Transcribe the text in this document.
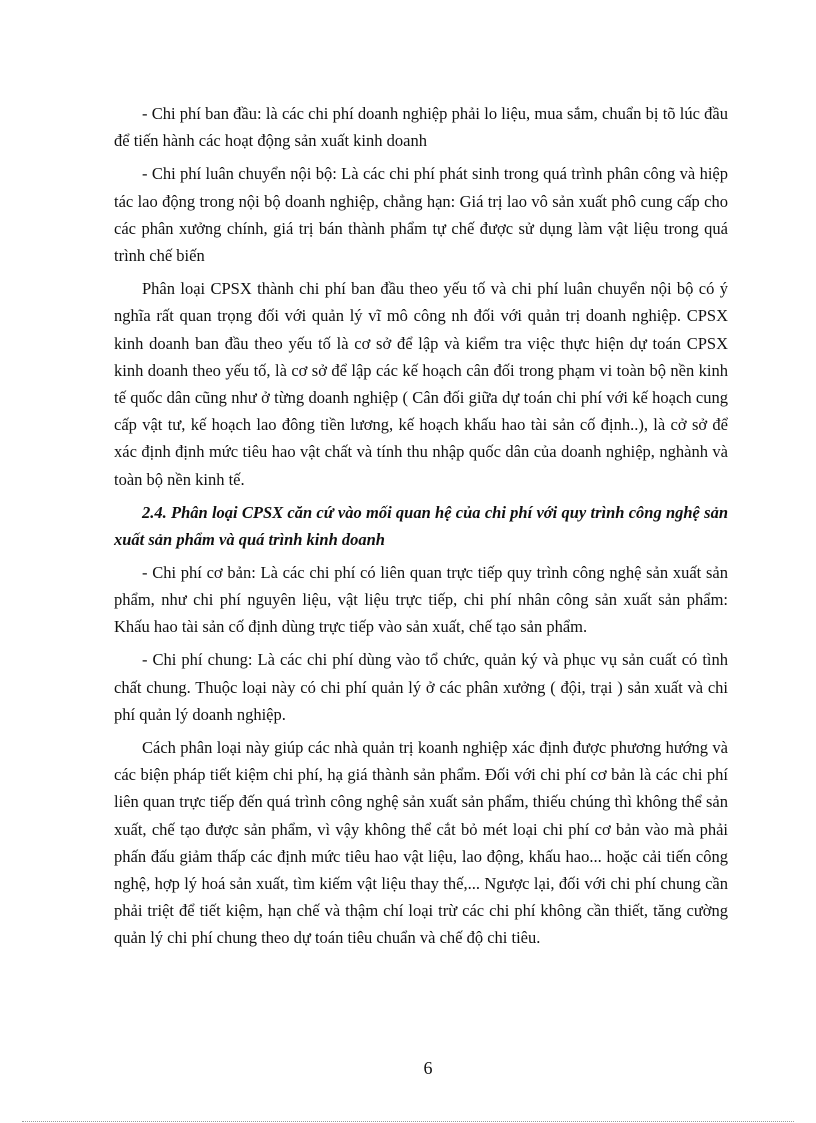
- Chi phí ban đầu: là các chi phí doanh nghiệp phải lo liệu, mua sắm, chuẩn bị tõ lúc đầu để tiến hành các hoạt động sản xuất kinh doanh

- Chi phí luân chuyển nội bộ: Là các chi phí phát sinh trong quá trình phân công và hiệp tác lao động trong nội bộ doanh nghiệp, chẳng hạn: Giá trị lao vô sản xuất phô cung cấp cho các phân xưởng chính, giá trị bán thành phẩm tự chế được sử dụng làm vật liệu trong quá trình chế biến

Phân loại CPSX thành chi phí ban đầu theo yếu tố và chi phí luân chuyển nội bộ có ý nghĩa rất quan trọng đối với quản lý vĩ mô công nh đối với quản trị doanh nghiệp. CPSX kinh doanh ban đầu theo yếu tố là cơ sở để lập và kiểm tra việc thực hiện dự toán CPSX kinh doanh theo yếu tố, là cơ sở để lập các kế hoạch cân đối trong phạm vi toàn bộ nền kinh tế quốc dân cũng như ở từng doanh nghiệp ( Cân đối giữa dự toán chi phí với kế hoạch cung cấp vật tư, kế hoạch lao đông tiền lương, kế hoạch khấu hao tài sản cố định..), là cở sở để xác định định mức tiêu hao vật chất và tính thu nhập quốc dân của doanh nghiệp, nghành và toàn bộ nền kinh tế.

2.4. Phân loại CPSX căn cứ vào mối quan hệ của chi phí với quy trình công nghệ sản xuất sản phẩm và quá trình kinh doanh

- Chi phí cơ bản: Là các chi phí có liên quan trực tiếp quy trình công nghệ sản xuất sản phẩm, như chi phí nguyên liệu, vật liệu trực tiếp, chi phí nhân công sản xuất sản phẩm: Khấu hao tài sản cố định dùng trực tiếp vào sản xuất, chế tạo sản phẩm.

- Chi phí chung: Là các chi phí dùng vào tổ chức, quản ký và phục vụ sản cuất có tình chất chung. Thuộc loại này có chi phí quản lý ở các phân xưởng ( đội, trại ) sản xuất và chi phí quản lý doanh nghiệp.

Cách phân loại này giúp các nhà quản trị koanh nghiệp xác định được phương hướng và các biện pháp tiết kiệm chi phí, hạ giá thành sản phẩm. Đối với chi phí cơ bản là các chi phí liên quan trực tiếp đến quá trình công nghệ sản xuất sản phẩm, thiếu chúng thì không thể sản xuất, chế tạo được sản phẩm, vì vậy không thể cắt bỏ mét loại chi phí cơ bản vào mà phải phấn đấu giảm thấp các định mức tiêu hao vật liệu, lao động, khấu hao... hoặc cải tiến công nghệ, hợp lý hoá sản xuất, tìm kiếm vật liệu thay thế,... Ngược lại, đối với chi phí chung cần phải triệt để tiết kiệm, hạn chế và thậm chí loại trừ các chi phí không cần thiết, tăng cường quản lý chi phí chung theo dự toán tiêu chuẩn và chế độ chi tiêu.

6
